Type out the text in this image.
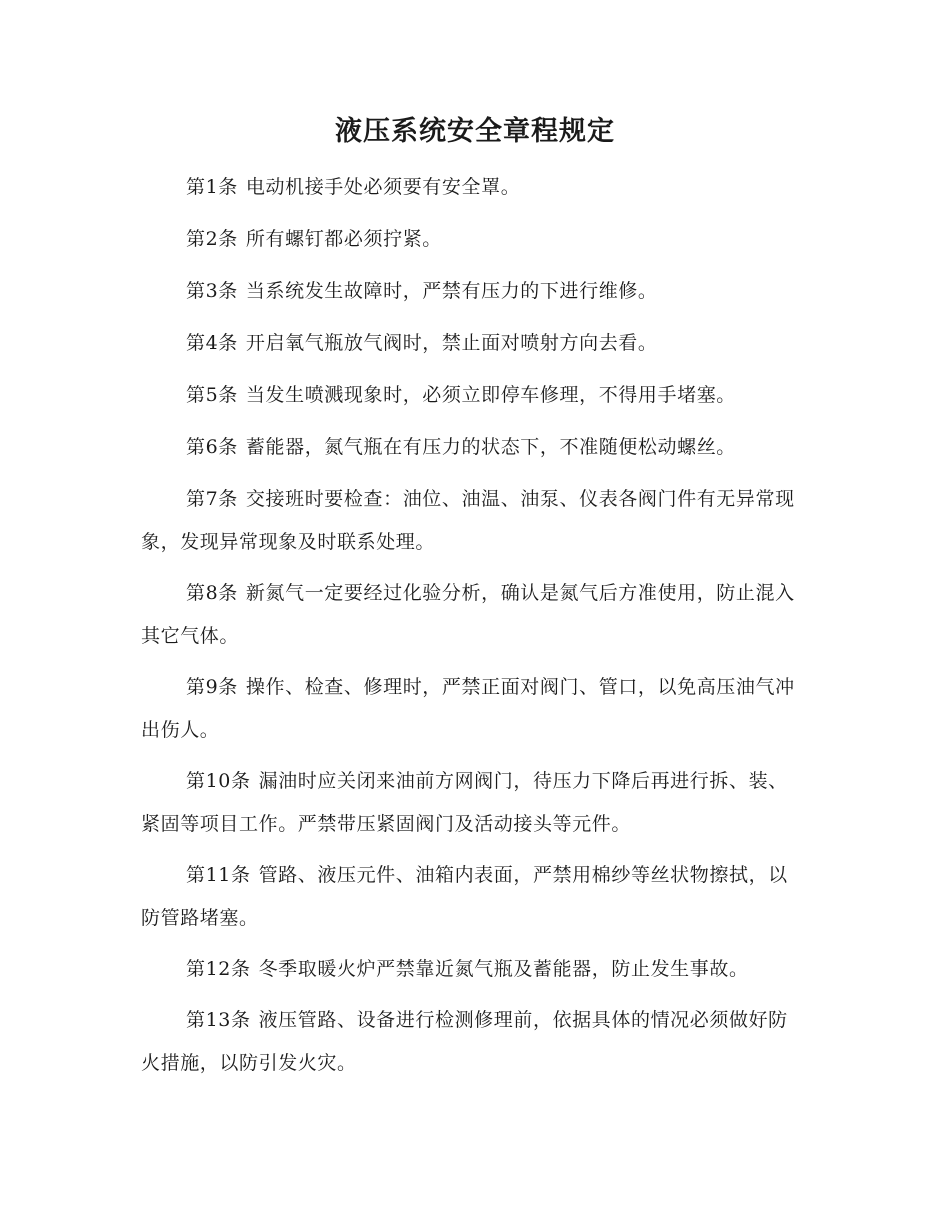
液压系统安全章程规定

第1条 电动机接手处必须要有安全罩。

第2条 所有螺钉都必须拧紧。

第3条 当系统发生故障时，严禁有压力的下进行维修。

第4条 开启氧气瓶放气阀时，禁止面对喷射方向去看。

第5条 当发生喷溅现象时，必须立即停车修理，不得用手堵塞。

第6条 蓄能器，氮气瓶在有压力的状态下，不准随便松动螺丝。

第7条 交接班时要检查：油位、油温、油泵、仪表各阀门件有无异常现象，发现异常现象及时联系处理。

第8条 新氮气一定要经过化验分析，确认是氮气后方准使用，防止混入其它气体。

第9条 操作、检查、修理时，严禁正面对阀门、管口，以免高压油气冲出伤人。

第10条 漏油时应关闭来油前方网阀门，待压力下降后再进行拆、装、紧固等项目工作。严禁带压紧固阀门及活动接头等元件。

第11条 管路、液压元件、油箱内表面，严禁用棉纱等丝状物擦拭，以防管路堵塞。

第12条 冬季取暖火炉严禁靠近氮气瓶及蓄能器，防止发生事故。

第13条 液压管路、设备进行检测修理前，依据具体的情况必须做好防火措施，以防引发火灾。
